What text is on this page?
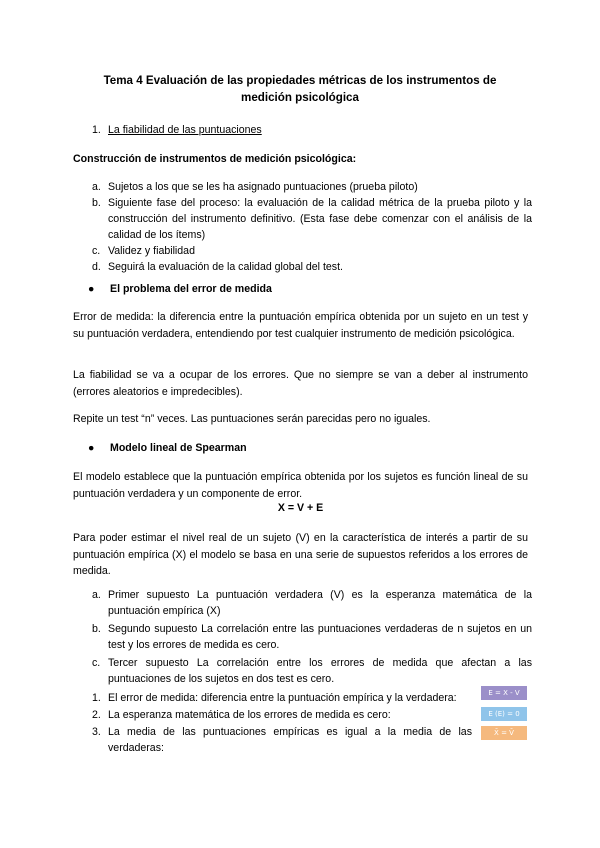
Tema 4 Evaluación de las propiedades métricas de los instrumentos de
medición psicológica
1. La fiabilidad de las puntuaciones
Construcción de instrumentos de medición psicológica:
a. Sujetos a los que se les ha asignado puntuaciones (prueba piloto)
b. Siguiente fase del proceso: la evaluación de la calidad métrica de la prueba piloto y la construcción del instrumento definitivo. (Esta fase debe comenzar con el análisis de la calidad de los ítems)
c. Validez y fiabilidad
d. Seguirá la evaluación de la calidad global del test.
● El problema del error de medida
Error de medida: la diferencia entre la puntuación empírica obtenida por un sujeto en un test y su puntuación verdadera, entendiendo por test cualquier instrumento de medición psicológica.
La fiabilidad se va a ocupar de los errores. Que no siempre se van a deber al instrumento (errores aleatorios e impredecibles).
Repite un test “n” veces. Las puntuaciones serán parecidas pero no iguales.
● Modelo lineal de Spearman
El modelo establece que la puntuación empírica obtenida por los sujetos es función lineal de su puntuación verdadera y un componente de error.
X = V + E
Para poder estimar el nivel real de un sujeto (V) en la característica de interés a partir de su puntuación empírica (X) el modelo se basa en una serie de supuestos referidos a los errores de medida.
a. Primer supuesto La puntuación verdadera (V) es la esperanza matemática de la puntuación empírica (X)
b. Segundo supuesto La correlación entre las puntuaciones verdaderas de n sujetos en un test y los errores de medida es cero.
c. Tercer supuesto La correlación entre los errores de medida que afectan a las puntuaciones de los sujetos en dos test es cero.
1. El error de medida: diferencia entre la puntuación empírica y la verdadera:
2. La esperanza matemática de los errores de medida es cero:
3. La media de las puntuaciones empíricas es igual a la media de las verdaderas:
E = X - V
E (E) = 0
X̄ = V̄
